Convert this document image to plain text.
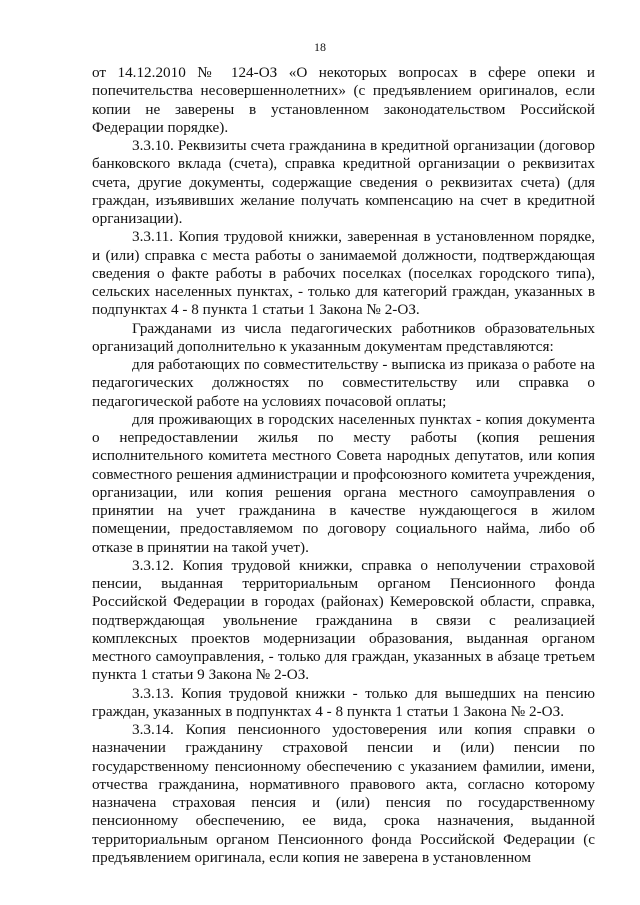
18

от 14.12.2010 № 124-ОЗ «О некоторых вопросах в сфере опеки и попечительства несовершеннолетних» (с предъявлением оригиналов, если копии не заверены в установленном законодательством Российской Федерации порядке).

3.3.10. Реквизиты счета гражданина в кредитной организации (договор банковского вклада (счета), справка кредитной организации о реквизитах счета, другие документы, содержащие сведения о реквизитах счета) (для граждан, изъявивших желание получать компенсацию на счет в кредитной организации).

3.3.11. Копия трудовой книжки, заверенная в установленном порядке, и (или) справка с места работы о занимаемой должности, подтверждающая сведения о факте работы в рабочих поселках (поселках городского типа), сельских населенных пунктах, - только для категорий граждан, указанных в подпунктах 4 - 8 пункта 1 статьи 1 Закона № 2-ОЗ.

Гражданами из числа педагогических работников образовательных организаций дополнительно к указанным документам представляются:

для работающих по совместительству - выписка из приказа о работе на педагогических должностях по совместительству или справка о педагогической работе на условиях почасовой оплаты;

для проживающих в городских населенных пунктах - копия документа о непредоставлении жилья по месту работы (копия решения исполнительного комитета местного Совета народных депутатов, или копия совместного решения администрации и профсоюзного комитета учреждения, организации, или копия решения органа местного самоуправления о принятии на учет гражданина в качестве нуждающегося в жилом помещении, предоставляемом по договору социального найма, либо об отказе в принятии на такой учет).

3.3.12. Копия трудовой книжки, справка о неполучении страховой пенсии, выданная территориальным органом Пенсионного фонда Российской Федерации в городах (районах) Кемеровской области, справка, подтверждающая увольнение гражданина в связи с реализацией комплексных проектов модернизации образования, выданная органом местного самоуправления, - только для граждан, указанных в абзаце третьем пункта 1 статьи 9 Закона № 2-ОЗ.

3.3.13. Копия трудовой книжки - только для вышедших на пенсию граждан, указанных в подпунктах 4 - 8 пункта 1 статьи 1 Закона № 2-ОЗ.

3.3.14. Копия пенсионного удостоверения или копия справки о назначении гражданину страховой пенсии и (или) пенсии по государственному пенсионному обеспечению с указанием фамилии, имени, отчества гражданина, нормативного правового акта, согласно которому назначена страховая пенсия и (или) пенсия по государственному пенсионному обеспечению, ее вида, срока назначения, выданной территориальным органом Пенсионного фонда Российской Федерации (с предъявлением оригинала, если копия не заверена в установленном
